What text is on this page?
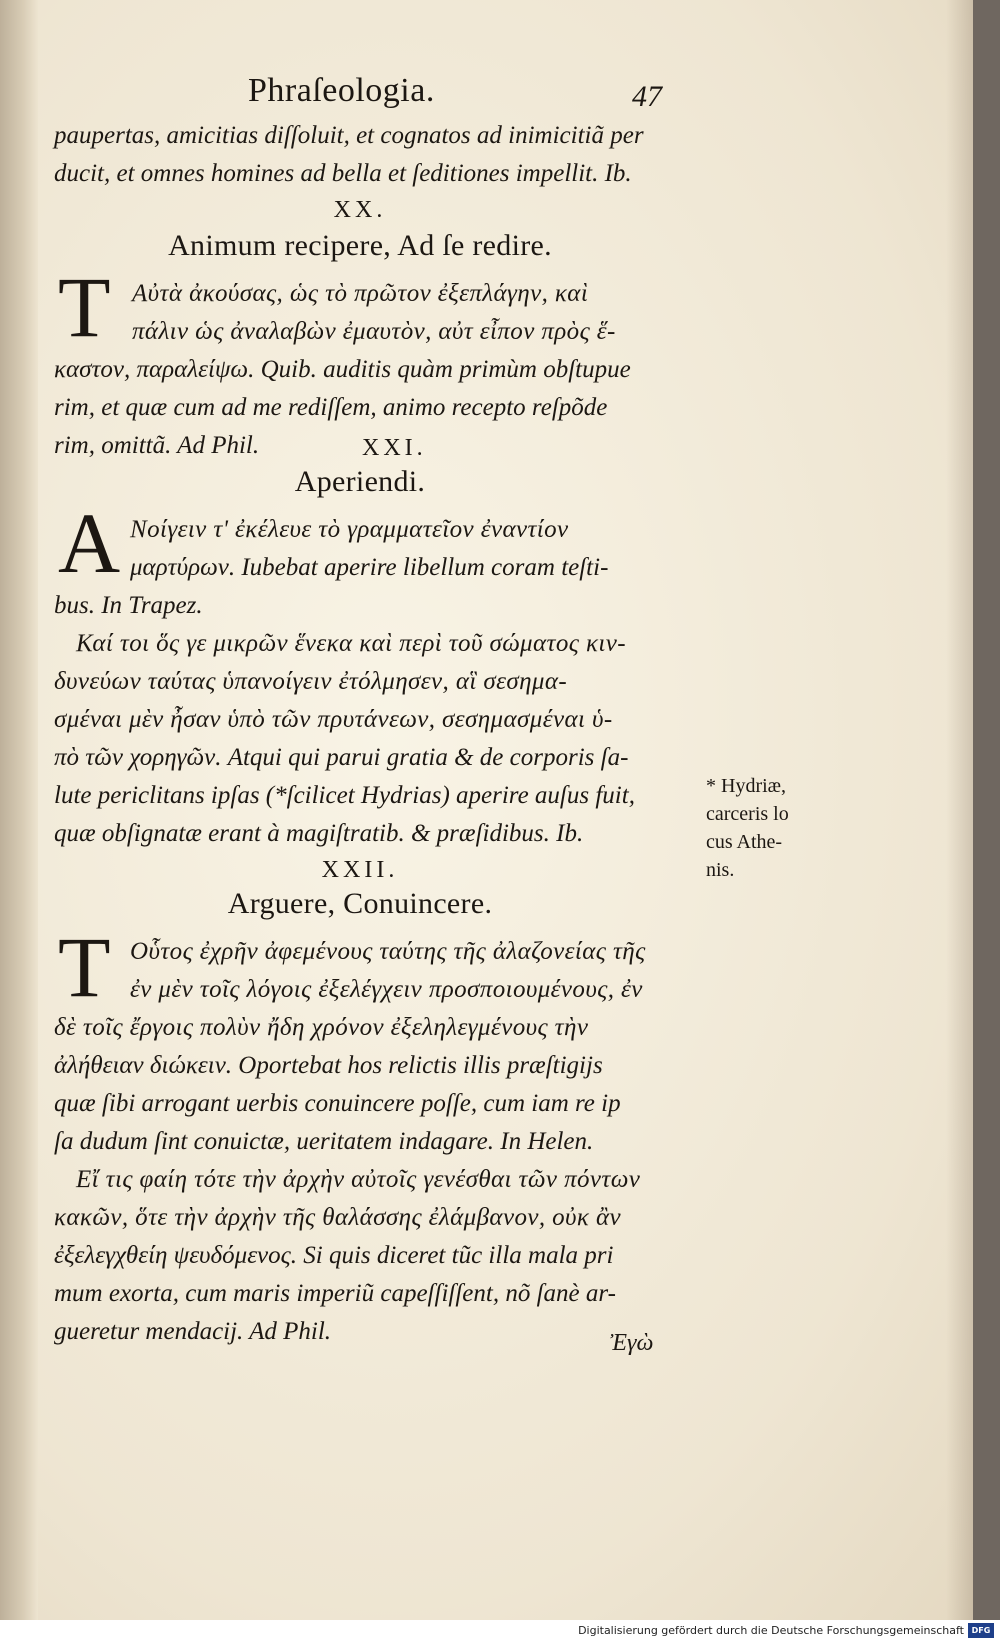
Phraſeologia.	47
paupertas, amicitias diſſoluit, et cognatos ad inimicitiã per
ducit, et omnes homines ad bella et ſeditiones impellit. Ib.
XX.
Animum recipere, Ad ſe redire.
T Αὐτὰ ἀκούσας, ὡς τὸ πρῶτον ἐξεπλάγην, καὶ
πάλιν ὡς ἀναλαβὼν ἐμαυτὸν, αὐτ εἶπον πρὸς ἕ-
καστον, παραλείψω. Quib. auditis quàm primùm obſtupue
rim, et quæ cum ad me rediſſem, animo recepto reſpõde
rim, omittã. Ad Phil.	XXI.
Aperiendi.
A Νοίγειν τ' ἐκέλευε τὸ γραμματεῖον ἐναντίον
μαρτύρων. Iubebat aperire libellum coram teſti-
bus. In Trapez.
Καί τοι ὅς γε μικρῶν ἕνεκα καὶ περὶ τοῦ σώματος κιν-
δυνεύων ταύτας ὑπανοίγειν ἐτόλμησεν, αἳ σεσημα-
σμέναι μὲν ἦσαν ὑπὸ τῶν πρυτάνεων, σεσημασμέναι ὑ-
πὸ τῶν χορηγῶν. Atqui qui parui gratia & de corporis ſa-
lute periclitans ipſas (*ſcilicet Hydrias) aperire auſus fuit,
quæ obſignatæ erant à magiſtratib. & præſidibus. Ib.
XXII.
Arguere, Conuincere.
T Οὗτος ἐχρῆν ἀφεμένους ταύτης τῆς ἀλαζονείας τῆς
ἐν μὲν τοῖς λόγοις ἐξελέγχειν προσποιουμένους, ἐν
δὲ τοῖς ἔργοις πολὺν ἤδη χρόνον ἐξεληλεγμένους τὴν
ἀλήθειαν διώκειν. Oportebat hos relictis illis præſtigijs
quæ ſibi arrogant uerbis conuincere poſſe, cum iam re ip
ſa dudum ſint conuictæ, ueritatem indagare. In Helen.
Εἴ τις φαίη τότε τὴν ἀρχὴν αὐτοῖς γενέσθαι τῶν πόντων
κακῶν, ὅτε τὴν ἀρχὴν τῆς θαλάσσης ἐλάμβανον, οὐκ ἂν
ἐξελεγχθείη ψευδόμενος. Si quis diceret tũc illa mala pri
mum exorta, cum maris imperiũ capeſſiſſent, nõ ſanè ar-
gueretur mendacij. Ad Phil.	Ἐγὼ
* Hydriæ,
carceris lo
cus Athe-
nis.
Digitalisierung gefördert durch die Deutsche Forschungsgemeinschaft DFG
